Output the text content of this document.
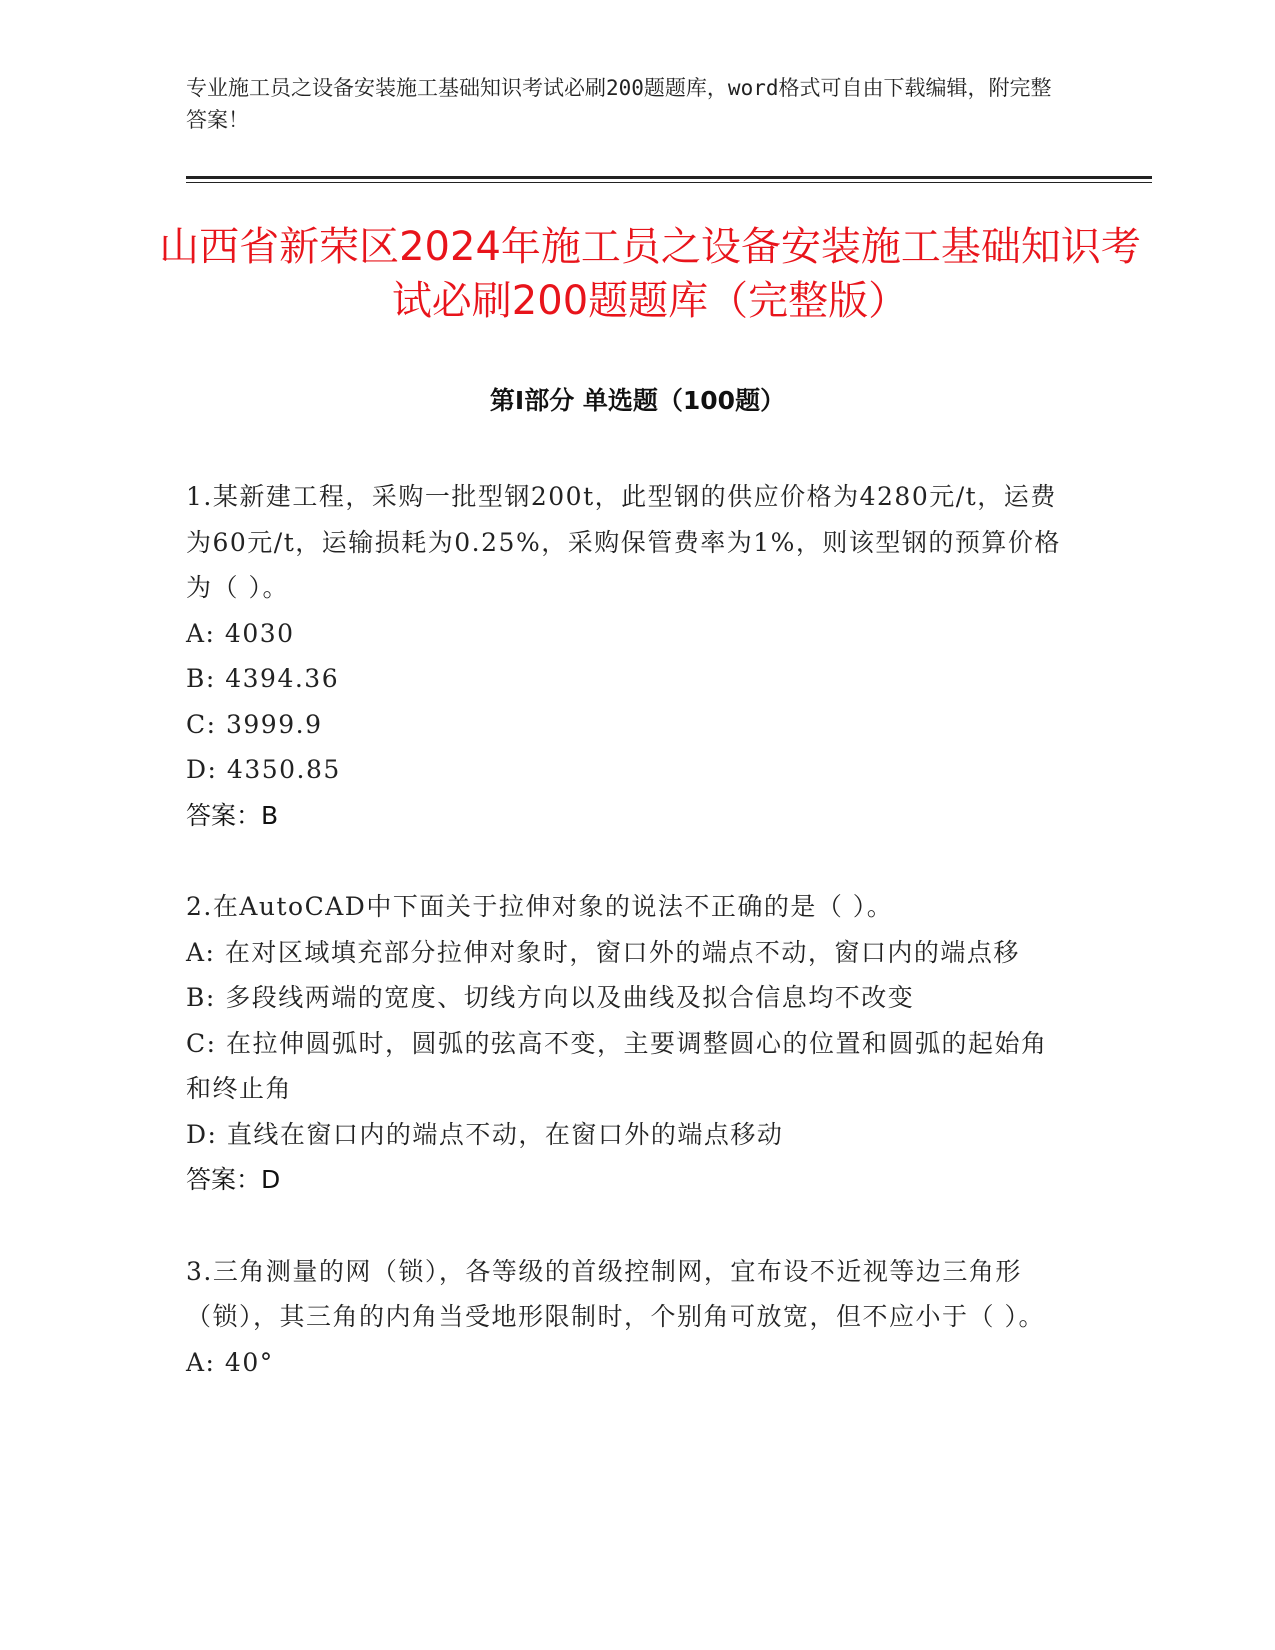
专业施工员之设备安装施工基础知识考试必刷200题题库，word格式可自由下载编辑，附完整答案！
山西省新荣区2024年施工员之设备安装施工基础知识考试必刷200题题库（完整版）
第I部分 单选题（100题）

1.某新建工程，采购一批型钢200t，此型钢的供应价格为4280元/t，运费为60元/t，运输损耗为0.25%，采购保管费率为1%，则该型钢的预算价格为（ ）。

A: 4030

B: 4394.36

C: 3999.9

D: 4350.85

答案：B

2.在AutoCAD中下面关于拉伸对象的说法不正确的是（ ）。

A: 在对区域填充部分拉伸对象时，窗口外的端点不动，窗口内的端点移

B: 多段线两端的宽度、切线方向以及曲线及拟合信息均不改变

C: 在拉伸圆弧时，圆弧的弦高不变，主要调整圆心的位置和圆弧的起始角和终止角

D: 直线在窗口内的端点不动，在窗口外的端点移动

答案：D

3.三角测量的网（锁），各等级的首级控制网，宜布设不近视等边三角形（锁），其三角的内角当受地形限制时，个别角可放宽，但不应小于（ ）。

A: 40°
